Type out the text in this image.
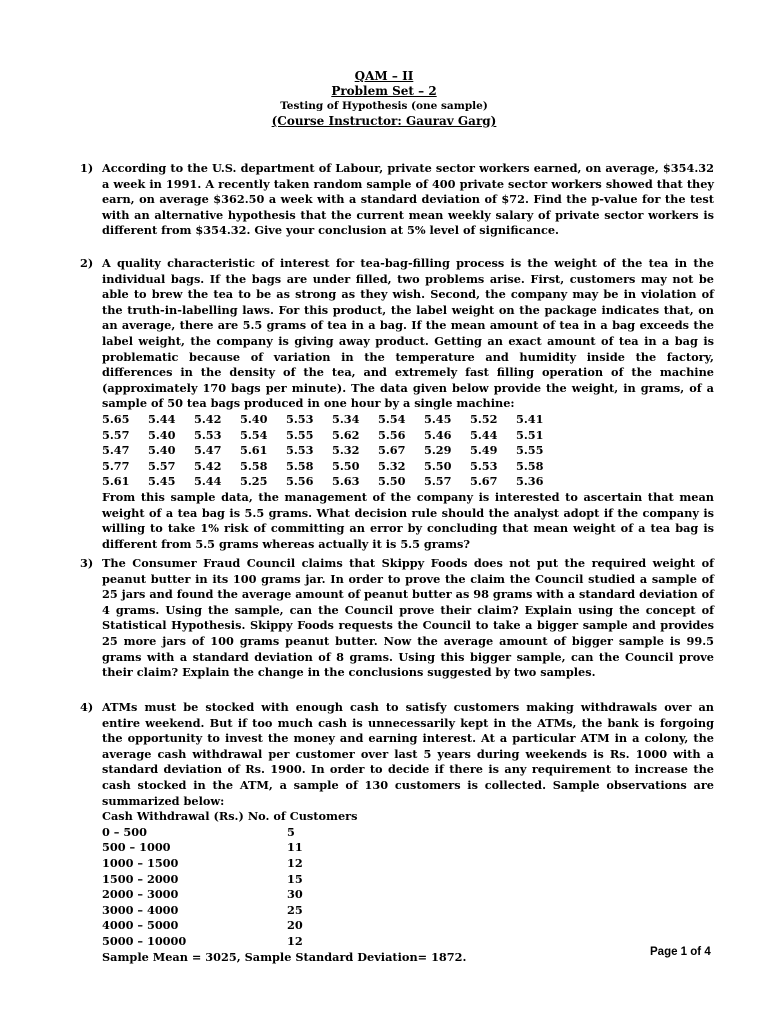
QAM – II
Problem Set – 2
Testing of Hypothesis (one sample)
(Course Instructor: Gaurav Garg)
1) According to the U.S. department of Labour, private sector workers earned, on average, $354.32 a week in 1991. A recently taken random sample of 400 private sector workers showed that they earn, on average $362.50 a week with a standard deviation of $72. Find the p-value for the test with an alternative hypothesis that the current mean weekly salary of private sector workers is different from $354.32. Give your conclusion at 5% level of significance.

2) A quality characteristic of interest for tea-bag-filling process is the weight of the tea in the individual bags. If the bags are under filled, two problems arise. First, customers may not be able to brew the tea to be as strong as they wish. Second, the company may be in violation of the truth-in-labelling laws. For this product, the label weight on the package indicates that, on an average, there are 5.5 grams of tea in a bag. If the mean amount of tea in a bag exceeds the label weight, the company is giving away product. Getting an exact amount of tea in a bag is problematic because of variation in the temperature and humidity inside the factory, differences in the density of the tea, and extremely fast filling operation of the machine (approximately 170 bags per minute). The data given below provide the weight, in grams, of a sample of 50 tea bags produced in one hour by a single machine:

5.65	5.44	5.42	5.40	5.53	5.34	5.54	5.45	5.52	5.41
5.57	5.40	5.53	5.54	5.55	5.62	5.56	5.46	5.44	5.51
5.47	5.40	5.47	5.61	5.53	5.32	5.67	5.29	5.49	5.55
5.77	5.57	5.42	5.58	5.58	5.50	5.32	5.50	5.53	5.58
5.61	5.45	5.44	5.25	5.56	5.63	5.50	5.57	5.67	5.36

From this sample data, the management of the company is interested to ascertain that mean weight of a tea bag is 5.5 grams. What decision rule should the analyst adopt if the company is willing to take 1% risk of committing an error by concluding that mean weight of a tea bag is different from 5.5 grams whereas actually it is 5.5 grams?

3) The Consumer Fraud Council claims that Skippy Foods does not put the required weight of peanut butter in its 100 grams jar. In order to prove the claim the Council studied a sample of 25 jars and found the average amount of peanut butter as 98 grams with a standard deviation of 4 grams. Using the sample, can the Council prove their claim? Explain using the concept of Statistical Hypothesis. Skippy Foods requests the Council to take a bigger sample and provides 25 more jars of 100 grams peanut butter. Now the average amount of bigger sample is 99.5 grams with a standard deviation of 8 grams. Using this bigger sample, can the Council prove their claim? Explain the change in the conclusions suggested by two samples.

4) ATMs must be stocked with enough cash to satisfy customers making withdrawals over an entire weekend. But if too much cash is unnecessarily kept in the ATMs, the bank is forgoing the opportunity to invest the money and earning interest. At a particular ATM in a colony, the average cash withdrawal per customer over last 5 years during weekends is Rs. 1000 with a standard deviation of Rs. 1900. In order to decide if there is any requirement to increase the cash stocked in the ATM, a sample of 130 customers is collected. Sample observations are summarized below:

Cash Withdrawal (Rs.) No. of Customers
0 – 500	5
500 – 1000	11
1000 – 1500	12
1500 – 2000	15
2000 – 3000	30
3000 – 4000	25
4000 – 5000	20
5000 – 10000	12
Sample Mean = 3025, Sample Standard Deviation= 1872.	Page 1 of 4
